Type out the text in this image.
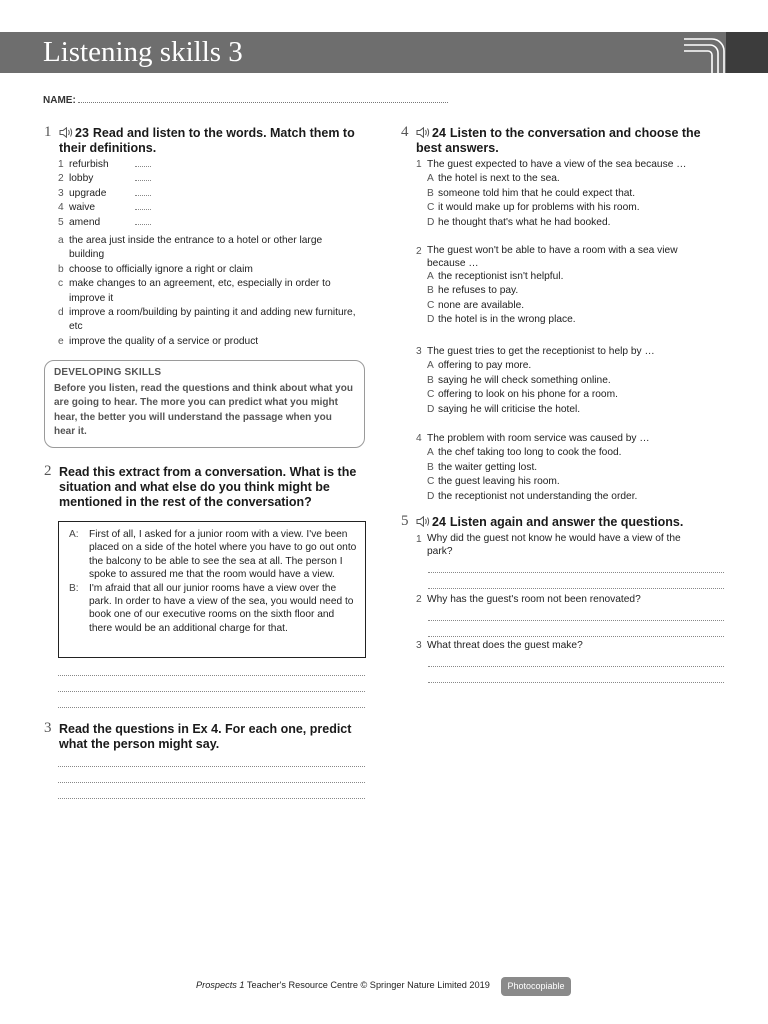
Listening skills 3
NAME:
1	23 Read and listen to the words. Match them to their definitions.
1 refurbish
2 lobby
3 upgrade
4 waive
5 amend
a the area just inside the entrance to a hotel or other large building
b choose to officially ignore a right or claim
c make changes to an agreement, etc, especially in order to improve it
d improve a room/building by painting it and adding new furniture, etc
e improve the quality of a service or product
DEVELOPING SKILLS
Before you listen, read the questions and think about what you are going to hear. The more you can predict what you might hear, the better you will understand the passage when you hear it.
2 Read this extract from a conversation. What is the situation and what else do you think might be mentioned in the rest of the conversation?
A:	First of all, I asked for a junior room with a view. I've been placed on a side of the hotel where you have to go out onto the balcony to be able to see the sea at all. The person I spoke to assured me that the room would have a view.
B:	I'm afraid that all our junior rooms have a view over the park. In order to have a view of the sea, you would need to book one of our executive rooms on the sixth floor and there would be an additional charge for that.
3 Read the questions in Ex 4. For each one, predict what the person might say.
4	24 Listen to the conversation and choose the best answers.
1 The guest expected to have a view of the sea because …
A the hotel is next to the sea.
B someone told him that he could expect that.
C it would make up for problems with his room.
D he thought that's what he had booked.
2 The guest won't be able to have a room with a sea view because …
A the receptionist isn't helpful.
B he refuses to pay.
C none are available.
D the hotel is in the wrong place.
3 The guest tries to get the receptionist to help by …
A offering to pay more.
B saying he will check something online.
C offering to look on his phone for a room.
D saying he will criticise the hotel.
4 The problem with room service was caused by …
A the chef taking too long to cook the food.
B the waiter getting lost.
C the guest leaving his room.
D the receptionist not understanding the order.
5	24 Listen again and answer the questions.
1 Why did the guest not know he would have a view of the park?
2 Why has the guest's room not been renovated?
3 What threat does the guest make?
Prospects 1 Teacher's Resource Centre © Springer Nature Limited 2019	Photocopiable
